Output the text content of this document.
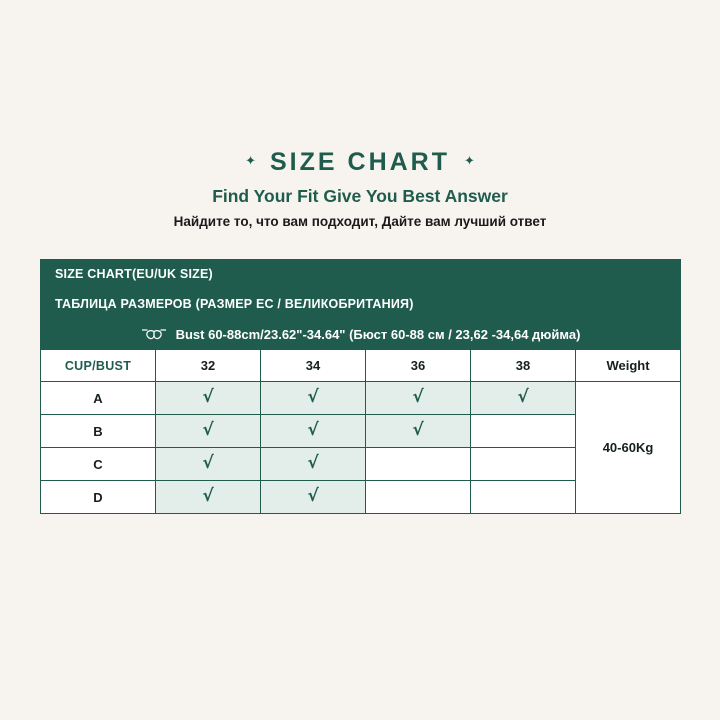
✦ SIZE CHART ✦
Find Your Fit Give You Best Answer
Найдите то, что вам подходит, Дайте вам лучший ответ
SIZE CHART(EU/UK SIZE)					
ТАБЛИЦА РАЗМЕРОВ (РАЗМЕР ЕС / ВЕЛИКОБРИТАНИЯ)					

Bust 60-88cm/23.62"-34.64" (Бюст 60-88 см / 23,62 -34,64 дюйма)					

CUP/BUST	32	34	36	38	Weight
A	√	√	√	√	40-60Kg
B	√	√	√		
C	√	√			
D	√	√			
